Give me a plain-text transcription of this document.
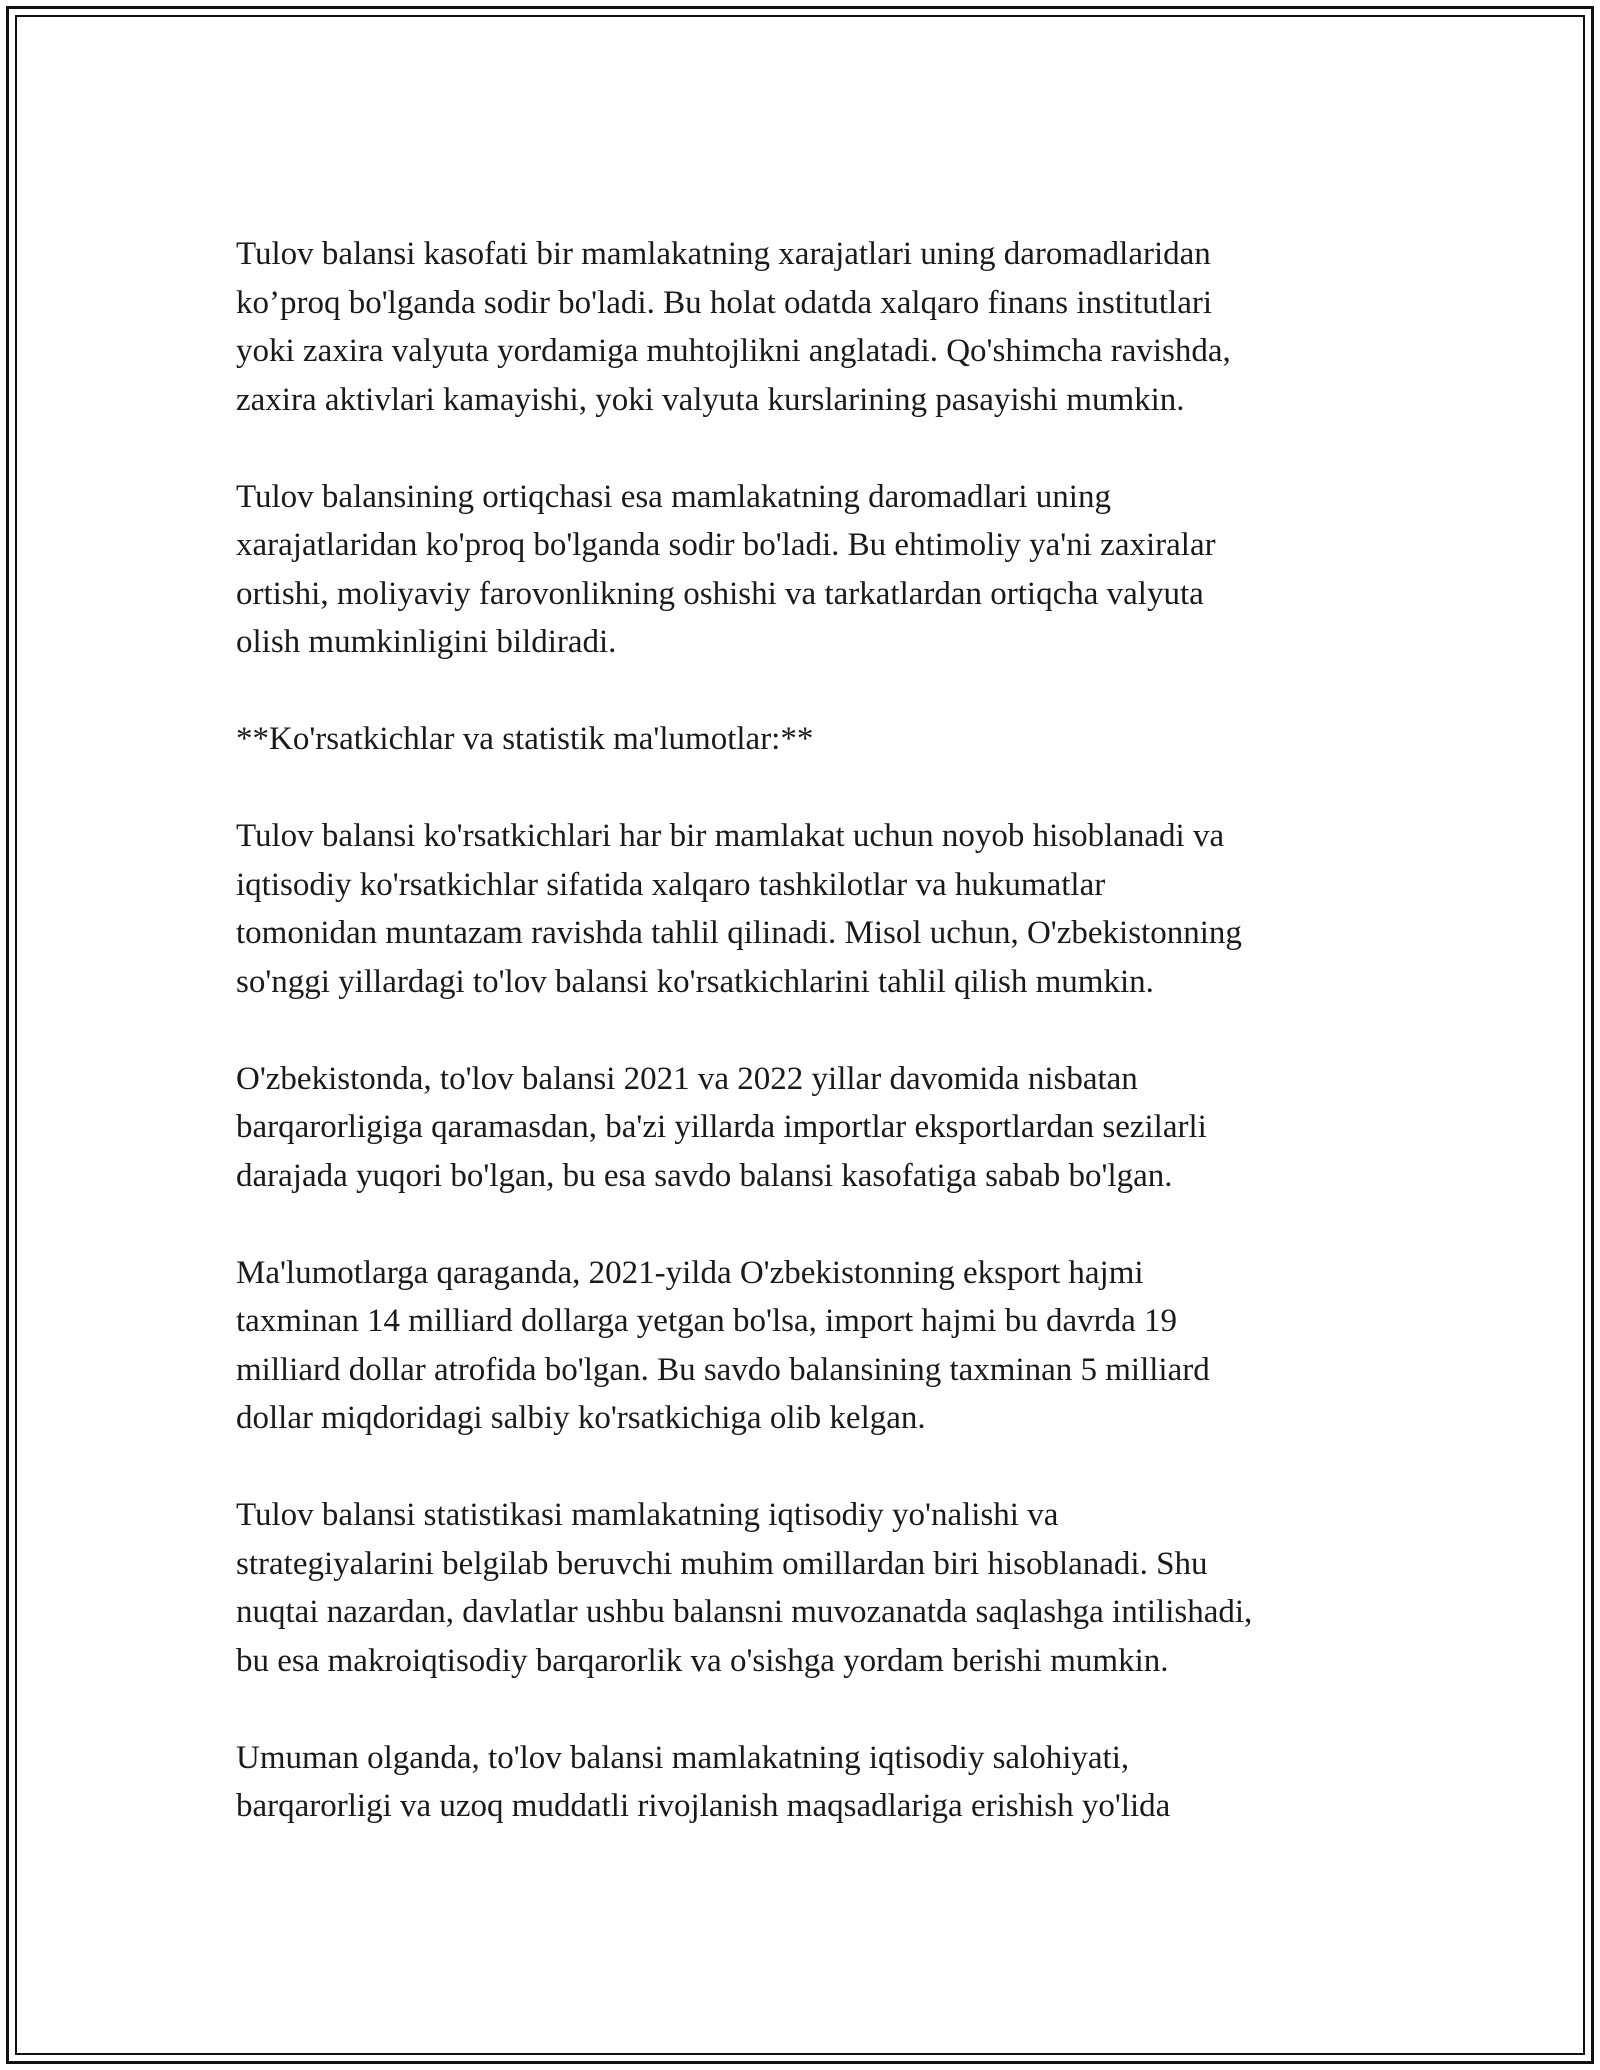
Tulov balansi kasofati bir mamlakatning xarajatlari uning daromadlaridan
ko’proq bo'lganda sodir bo'ladi. Bu holat odatda xalqaro finans institutlari
yoki zaxira valyuta yordamiga muhtojlikni anglatadi. Qo'shimcha ravishda,
zaxira aktivlari kamayishi, yoki valyuta kurslarining pasayishi mumkin.

Tulov balansining ortiqchasi esa mamlakatning daromadlari uning
xarajatlaridan ko'proq bo'lganda sodir bo'ladi. Bu ehtimoliy ya'ni zaxiralar
ortishi, moliyaviy farovonlikning oshishi va tarkatlardan ortiqcha valyuta
olish mumkinligini bildiradi.

**Ko'rsatkichlar va statistik ma'lumotlar:**

Tulov balansi ko'rsatkichlari har bir mamlakat uchun noyob hisoblanadi va
iqtisodiy ko'rsatkichlar sifatida xalqaro tashkilotlar va hukumatlar
tomonidan muntazam ravishda tahlil qilinadi. Misol uchun, O'zbekistonning
so'nggi yillardagi to'lov balansi ko'rsatkichlarini tahlil qilish mumkin.

O'zbekistonda, to'lov balansi 2021 va 2022 yillar davomida nisbatan
barqarorligiga qaramasdan, ba'zi yillarda importlar eksportlardan sezilarli
darajada yuqori bo'lgan, bu esa savdo balansi kasofatiga sabab bo'lgan.

Ma'lumotlarga qaraganda, 2021-yilda O'zbekistonning eksport hajmi
taxminan 14 milliard dollarga yetgan bo'lsa, import hajmi bu davrda 19
milliard dollar atrofida bo'lgan. Bu savdo balansining taxminan 5 milliard
dollar miqdoridagi salbiy ko'rsatkichiga olib kelgan.

Tulov balansi statistikasi mamlakatning iqtisodiy yo'nalishi va
strategiyalarini belgilab beruvchi muhim omillardan biri hisoblanadi. Shu
nuqtai nazardan, davlatlar ushbu balansni muvozanatda saqlashga intilishadi,
bu esa makroiqtisodiy barqarorlik va o'sishga yordam berishi mumkin.

Umuman olganda, to'lov balansi mamlakatning iqtisodiy salohiyati,
barqarorligi va uzoq muddatli rivojlanish maqsadlariga erishish yo'lida
